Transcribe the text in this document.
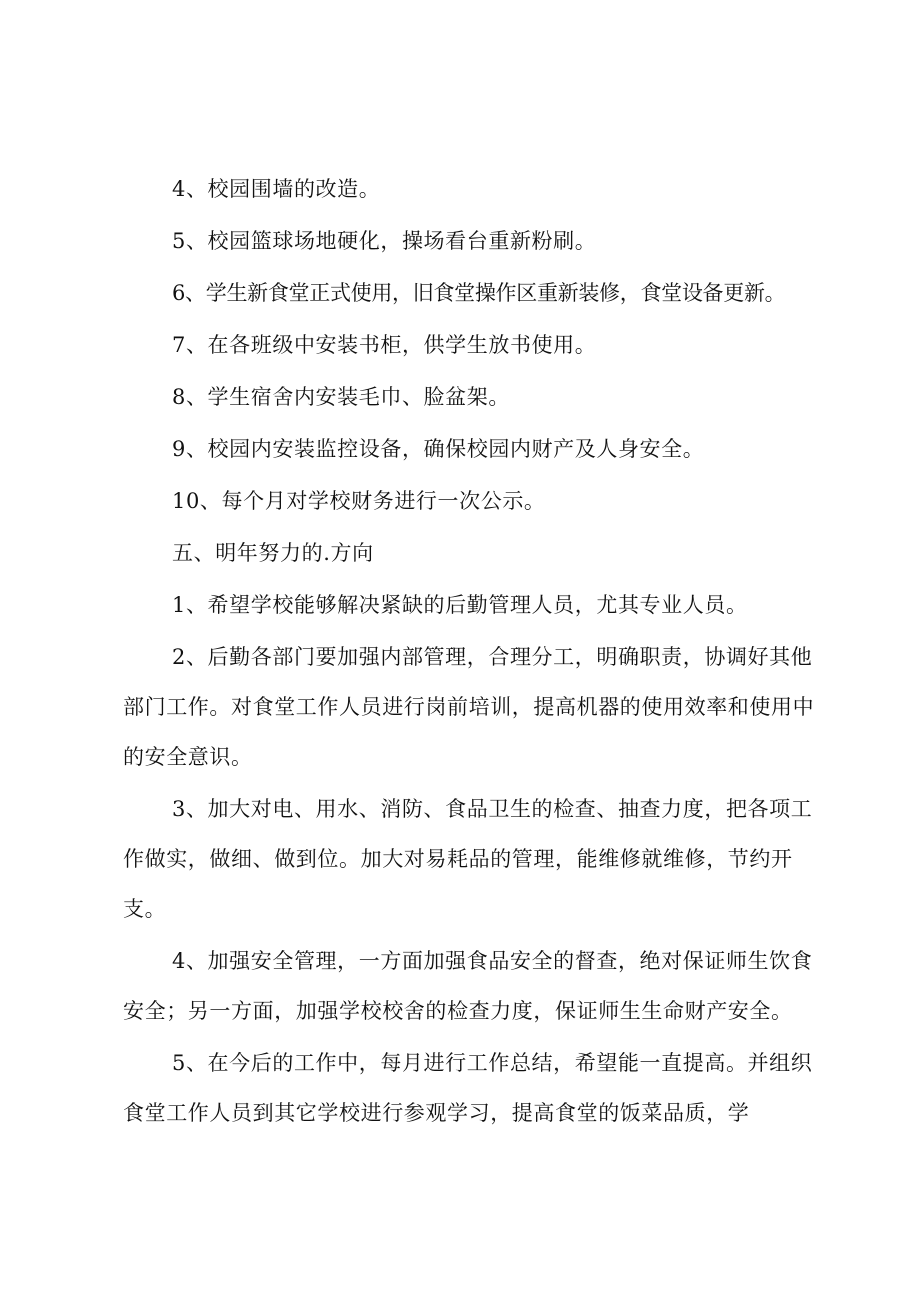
4、校园围墙的改造。

5、校园篮球场地硬化，操场看台重新粉刷。

6、学生新食堂正式使用，旧食堂操作区重新装修，食堂设备更新。

7、在各班级中安装书柜，供学生放书使用。

8、学生宿舍内安装毛巾、脸盆架。

9、校园内安装监控设备，确保校园内财产及人身安全。

10、每个月对学校财务进行一次公示。

五、明年努力的.方向

1、希望学校能够解决紧缺的后勤管理人员，尤其专业人员。

2、后勤各部门要加强内部管理，合理分工，明确职责，协调好其他部门工作。对食堂工作人员进行岗前培训，提高机器的使用效率和使用中的安全意识。

3、加大对电、用水、消防、食品卫生的检查、抽查力度，把各项工作做实，做细、做到位。加大对易耗品的管理，能维修就维修，节约开支。

4、加强安全管理，一方面加强食品安全的督查，绝对保证师生饮食安全；另一方面，加强学校校舍的检查力度，保证师生生命财产安全。

5、在今后的工作中，每月进行工作总结，希望能一直提高。并组织食堂工作人员到其它学校进行参观学习，提高食堂的饭菜品质，学
